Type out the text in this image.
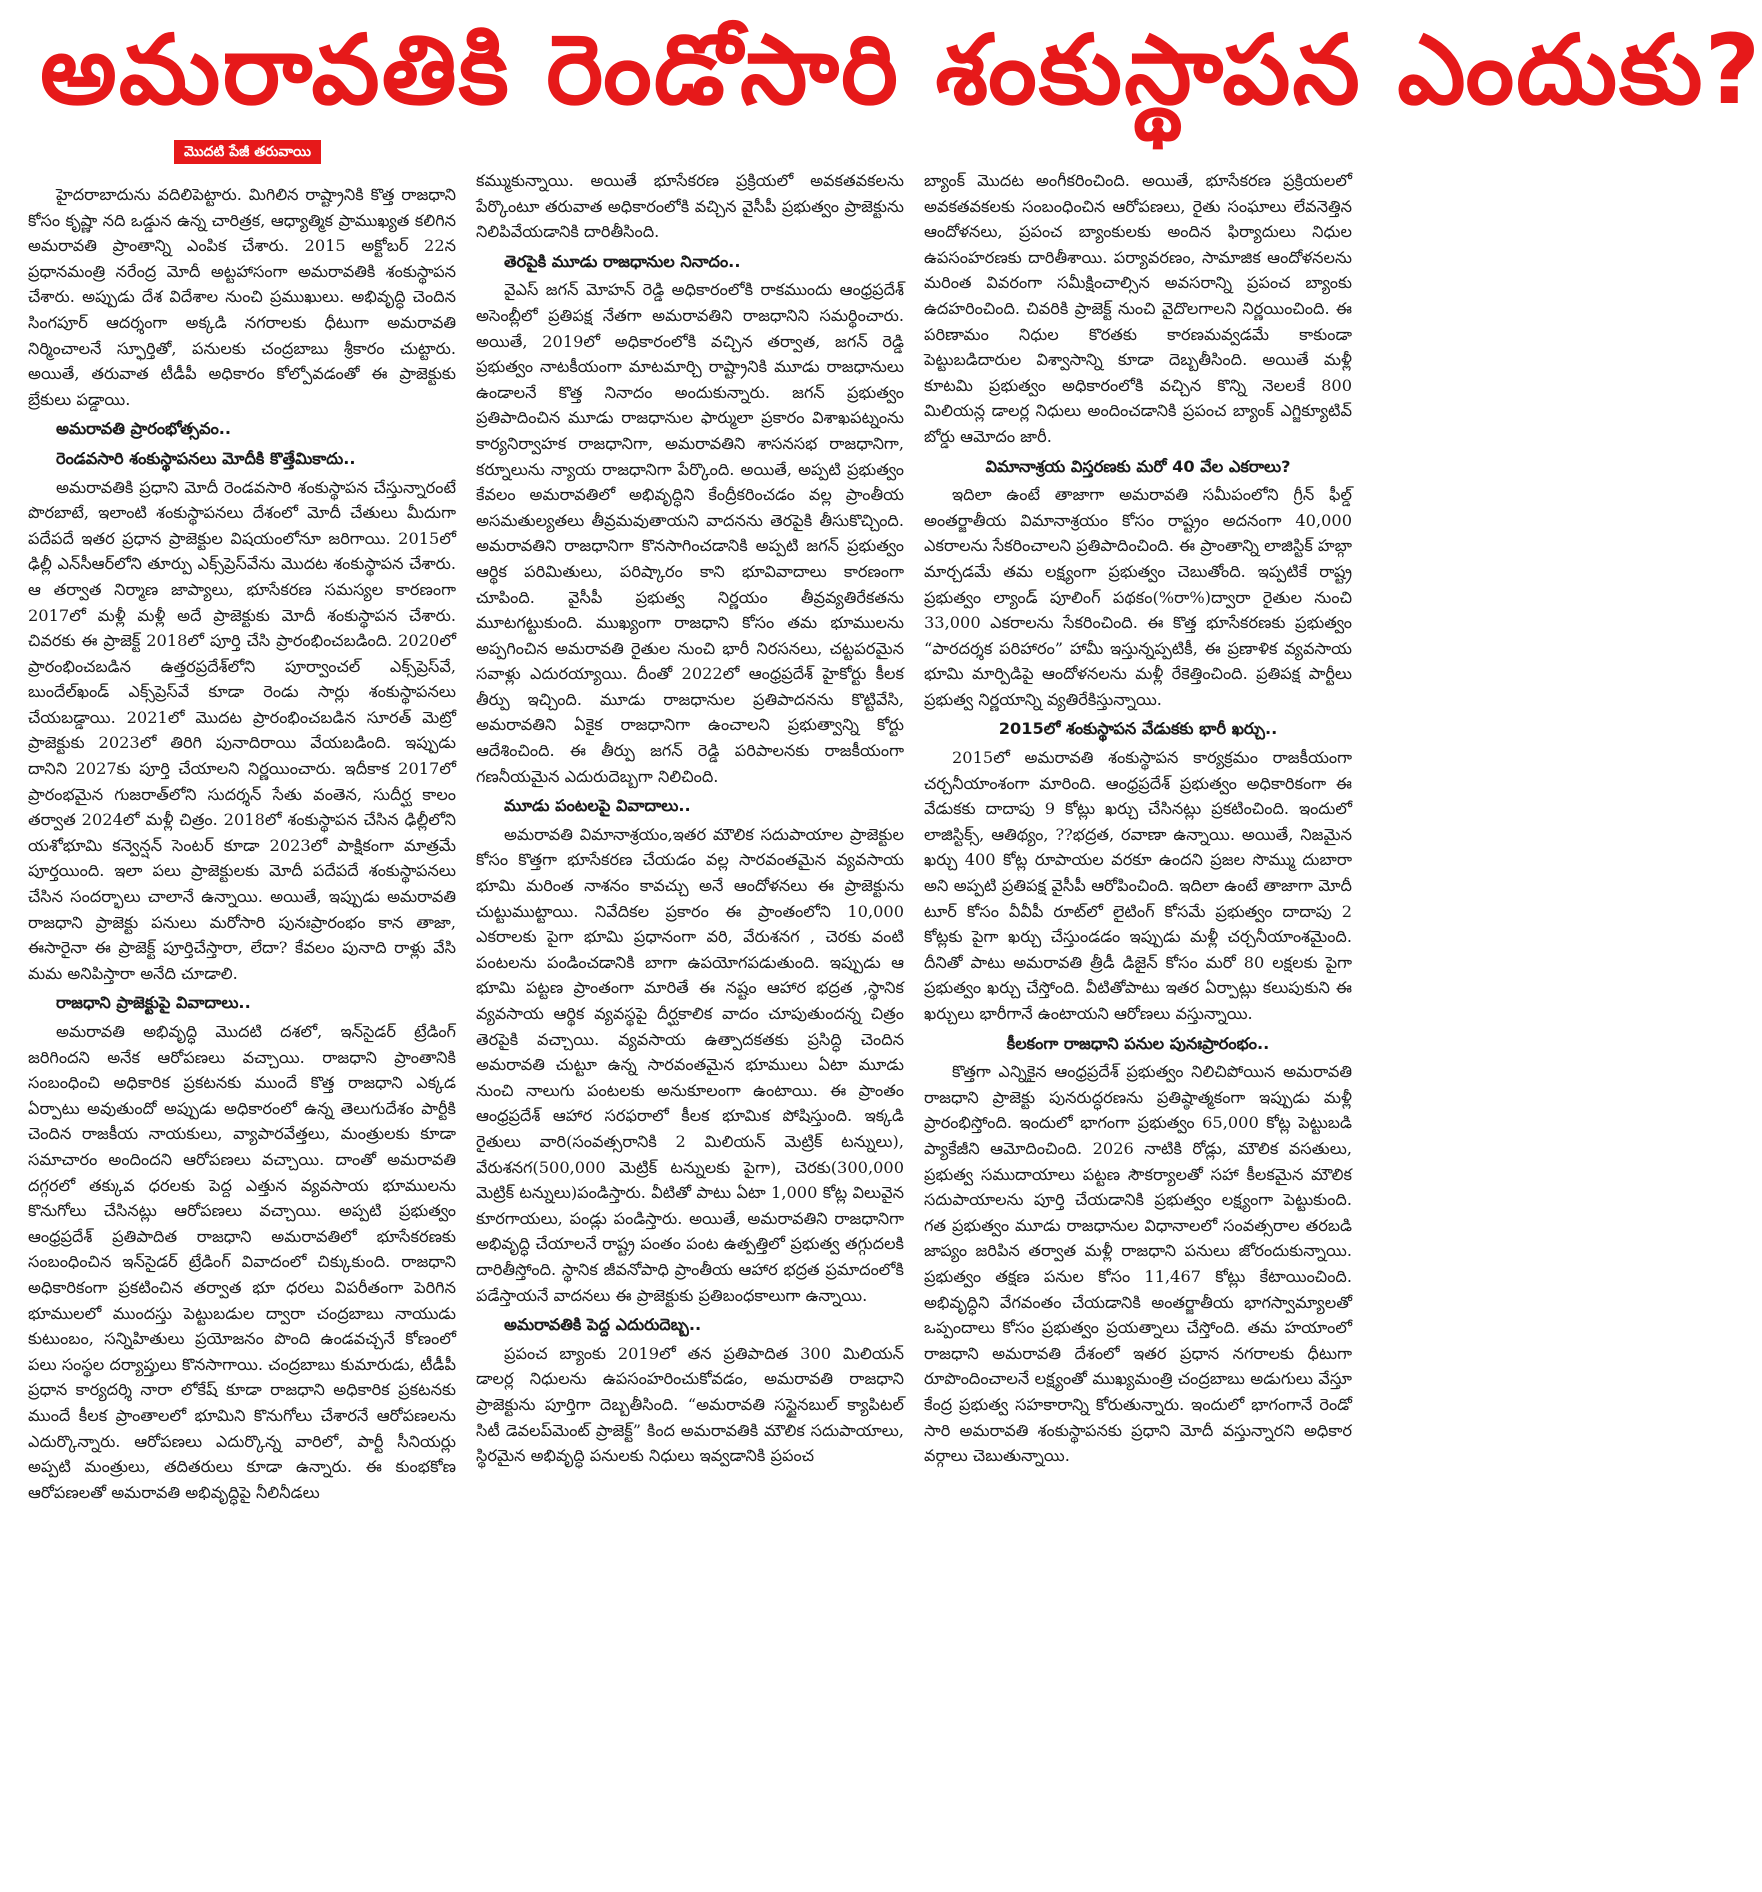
అమరావతికి రెండోసారి శంకుస్థాపన ఎందుకు?
మొదటి పేజీ తరువాయి

హైదరాబాదును వదిలిపెట్టారు. మిగిలిన రాష్ట్రానికి కొత్త రాజధాని కోసం కృష్ణా నది ఒడ్డున ఉన్న చారిత్రక, ఆధ్యాత్మిక ప్రాముఖ్యత కలిగిన అమరావతి ప్రాంతాన్ని ఎంపిక చేశారు. 2015 అక్టోబర్ 22న ప్రధానమంత్రి నరేంద్ర మోదీ అట్టహాసంగా అమరావతికి శంకుస్థాపన చేశారు. అప్పుడు దేశ విదేశాల నుంచి ప్రముఖులు. అభివృద్ధి చెందిన సింగపూర్ ఆదర్శంగా అక్కడి నగరాలకు ధీటుగా అమరావతి నిర్మించాలనే స్ఫూర్తితో, పనులకు చంద్రబాబు శ్రీకారం చుట్టారు. అయితే, తరువాత టీడీపీ అధికారం కోల్పోవడంతో ఈ ప్రాజెక్టుకు బ్రేకులు పడ్డాయి.

అమరావతి ప్రారంభోత్సవం..
రెండవసారి శంకుస్థాపనలు మోదీకి కొత్తేమికాదు..

అమరావతికి ప్రధాని మోదీ రెండవసారి శంకుస్థాపన చేస్తున్నారంటే పొరబాటే, ఇలాంటి శంకుస్థాపనలు దేశంలో మోదీ చేతులు మీదుగా పదేపదే ఇతర ప్రధాన ప్రాజెక్టుల విషయంలోనూ జరిగాయి. 2015లో ఢిల్లీ ఎన్‌సీఆర్‌లోని తూర్పు ఎక్స్‌ప్రెస్‌వేను మొదట శంకుస్థాపన చేశారు. ఆ తర్వాత నిర్మాణ జాప్యాలు, భూసేకరణ సమస్యల కారణంగా 2017లో మళ్లీ మళ్లీ అదే ప్రాజెక్టుకు మోదీ శంకుస్థాపన చేశారు. చివరకు ఈ ప్రాజెక్ట్ 2018లో పూర్తి చేసి ప్రారంభించబడింది. 2020లో ప్రారంభించబడిన ఉత్తరప్రదేశ్‌లోని పూర్వాంచల్ ఎక్స్‌ప్రెస్‌వే, బుందేల్‌ఖండ్ ఎక్స్‌ప్రెస్‌వే కూడా రెండు సార్లు శంకుస్థాపనలు చేయబడ్డాయి. 2021లో మొదట ప్రారంభించబడిన సూరత్ మెట్రో ప్రాజెక్టుకు 2023లో తిరిగి పునాదిరాయి వేయబడింది. ఇప్పుడు దానిని 2027కు పూర్తి చేయాలని నిర్ణయించారు. ఇదీకాక 2017లో ప్రారంభమైన గుజరాత్‌లోని సుదర్శన్ సేతు వంతెన, సుదీర్ఘ కాలం తర్వాత 2024లో మళ్లీ చిత్రం. 2018లో శంకుస్థాపన చేసిన ఢిల్లీలోని యశోభూమి కన్వెన్షన్ సెంటర్ కూడా 2023లో పాక్షికంగా మాత్రమే పూర్తయింది. ఇలా పలు ప్రాజెక్టులకు మోదీ పదేపదే శంకుస్థాపనలు చేసిన సందర్భాలు చాలానే ఉన్నాయి. అయితే, ఇప్పుడు అమరావతి రాజధాని ప్రాజెక్టు పనులు మరోసారి పునఃప్రారంభం కాన తాజా, ఈసారైనా ఈ ప్రాజెక్ట్ పూర్తిచేస్తారా, లేదా? కేవలం పునాది రాళ్లు వేసి మమ అనిపిస్తారా అనేది చూడాలి.

రాజధాని ప్రాజెక్టుపై వివాదాలు..

అమరావతి అభివృద్ధి మొదటి దశలో, ఇన్‌సైడర్ ట్రేడింగ్ జరిగిందని అనేక ఆరోపణలు వచ్చాయి. రాజధాని ప్రాంతానికి సంబంధించి అధికారిక ప్రకటనకు ముందే కొత్త రాజధాని ఎక్కడ ఏర్పాటు అవుతుందో అప్పుడు అధికారంలో ఉన్న తెలుగుదేశం పార్టీకి చెందిన రాజకీయ నాయకులు, వ్యాపారవేత్తలు, మంత్రులకు కూడా సమాచారం అందిందని ఆరోపణలు వచ్చాయి. దాంతో అమరావతి దగ్గరలో తక్కువ ధరలకు పెద్ద ఎత్తున వ్యవసాయ భూములను కొనుగోలు చేసినట్లు ఆరోపణలు వచ్చాయి. అప్పటి ప్రభుత్వం ఆంధ్రప్రదేశ్ ప్రతిపాదిత రాజధాని అమరావతిలో భూసేకరణకు సంబంధించిన ఇన్‌సైడర్ ట్రేడింగ్ వివాదంలో చిక్కుకుంది. రాజధాని అధికారికంగా ప్రకటించిన తర్వాత భూ ధరలు విపరీతంగా పెరిగిన భూములలో ముందస్తు పెట్టుబడుల ద్వారా చంద్రబాబు నాయుడు కుటుంబం, సన్నిహితులు ప్రయోజనం పొంది ఉండవచ్చనే కోణంలో పలు సంస్థల దర్యాప్తులు కొనసాగాయి. చంద్రబాబు కుమారుడు, టీడీపీ ప్రధాన కార్యదర్శి నారా లోకేష్ కూడా రాజధాని అధికారిక ప్రకటనకు ముందే కీలక ప్రాంతాలలో భూమిని కొనుగోలు చేశారనే ఆరోపణలను ఎదుర్కొన్నారు. ఆరోపణలు ఎదుర్కొన్న వారిలో, పార్టీ సీనియర్లు అప్పటి మంత్రులు, తదితరులు కూడా ఉన్నారు. ఈ కుంభకోణ ఆరోపణలతో అమరావతి అభివృద్ధిపై నీలినీడలు

కమ్ముకున్నాయి. అయితే భూసేకరణ ప్రక్రియలో అవకతవకలను పేర్కొంటూ తరువాత అధికారంలోకి వచ్చిన వైసీపీ ప్రభుత్వం ప్రాజెక్టును నిలిపివేయడానికి దారితీసింది.

తెరపైకి మూడు రాజధానుల నినాదం..

వైఎస్ జగన్ మోహన్ రెడ్డి అధికారంలోకి రాకముందు ఆంధ్రప్రదేశ్ అసెంబ్లీలో ప్రతిపక్ష నేతగా అమరావతిని రాజధానిని సమర్థించారు. అయితే, 2019లో అధికారంలోకి వచ్చిన తర్వాత, జగన్ రెడ్డి ప్రభుత్వం నాటకీయంగా మాటమార్చి రాష్ట్రానికి మూడు రాజధానులు ఉండాలనే కొత్త నినాదం అందుకున్నారు. జగన్ ప్రభుత్వం ప్రతిపాదించిన మూడు రాజధానుల ఫార్ములా ప్రకారం విశాఖపట్నంను కార్యనిర్వాహక రాజధానిగా, అమరావతిని శాసనసభ రాజధానిగా, కర్నూలును న్యాయ రాజధానిగా పేర్కొంది. అయితే, అప్పటి ప్రభుత్వం కేవలం అమరావతిలో అభివృద్ధిని కేంద్రీకరించడం వల్ల ప్రాంతీయ అసమతుల్యతలు తీవ్రమవుతాయని వాదనను తెరపైకి తీసుకొచ్చింది. అమరావతిని రాజధానిగా కొనసాగించడానికి అప్పటి జగన్ ప్రభుత్వం ఆర్థిక పరిమితులు, పరిష్కారం కాని భూవివాదాలు కారణంగా చూపింది. వైసీపీ ప్రభుత్వ నిర్ణయం తీవ్రవ్యతిరేకతను మూటగట్టుకుంది. ముఖ్యంగా రాజధాని కోసం తమ భూములను అప్పగించిన అమరావతి రైతుల నుంచి భారీ నిరసనలు, చట్టపరమైన సవాళ్లు ఎదురయ్యాయి. దీంతో 2022లో ఆంధ్రప్రదేశ్ హైకోర్టు కీలక తీర్పు ఇచ్చింది. మూడు రాజధానుల ప్రతిపాదనను కొట్టివేసి, అమరావతిని ఏకైక రాజధానిగా ఉంచాలని ప్రభుత్వాన్ని కోర్టు ఆదేశించింది. ఈ తీర్పు జగన్ రెడ్డి పరిపాలనకు రాజకీయంగా గణనీయమైన ఎదురుదెబ్బగా నిలిచింది.

మూడు పంటలపై వివాదాలు..

అమరావతి విమానాశ్రయం,ఇతర మౌలిక సదుపాయాల ప్రాజెక్టుల కోసం కొత్తగా భూసేకరణ చేయడం వల్ల సారవంతమైన వ్యవసాయ భూమి మరింత నాశనం కావచ్చు అనే ఆందోళనలు ఈ ప్రాజెక్టును చుట్టుముట్టాయి. నివేదికల ప్రకారం ఈ ప్రాంతంలోని 10,000 ఎకరాలకు పైగా భూమి ప్రధానంగా వరి, వేరుశనగ , చెరకు వంటి పంటలను పండించడానికి బాగా ఉపయోగపడుతుంది. ఇప్పుడు ఆ భూమి పట్టణ ప్రాంతంగా మారితే ఈ నష్టం ఆహార భద్రత ,స్థానిక వ్యవసాయ ఆర్థిక వ్యవస్థపై దీర్ఘకాలిక వాదం చూపుతుందన్న చిత్రం తెరపైకి వచ్చాయి. వ్యవసాయ ఉత్పాదకతకు ప్రసిద్ధి చెందిన అమరావతి చుట్టూ ఉన్న సారవంతమైన భూములు ఏటా మూడు నుంచి నాలుగు పంటలకు అనుకూలంగా ఉంటాయి. ఈ ప్రాంతం ఆంధ్రప్రదేశ్ ఆహార సరఫరాలో కీలక భూమిక పోషిస్తుంది. ఇక్కడి రైతులు వారి(సంవత్సరానికి 2 మిలియన్ మెట్రిక్ టన్నులు), వేరుశనగ(500,000 మెట్రిక్ టన్నులకు పైగా), చెరకు(300,000 మెట్రిక్ టన్నులు)పండిస్తారు. వీటితో పాటు ఏటా 1,000 కోట్ల విలువైన కూరగాయలు, పండ్లు పండిస్తారు. అయితే, అమరావతిని రాజధానిగా అభివృద్ధి చేయాలనే రాష్ట్ర పంతం పంట ఉత్పత్తిలో ప్రభుత్వ తగ్గుదలకి దారితీస్తోంది. స్థానిక జీవనోపాధి ప్రాంతీయ ఆహార భద్రత ప్రమాదంలోకి పడేస్తాయనే వాదనలు ఈ ప్రాజెక్టుకు ప్రతిబంధకాలుగా ఉన్నాయి.

అమరావతికి పెద్ద ఎదురుదెబ్బ..

ప్రపంచ బ్యాంకు 2019లో తన ప్రతిపాదిత 300 మిలియన్ డాలర్ల నిధులను ఉపసంహరించుకోవడం, అమరావతి రాజధాని ప్రాజెక్టును పూర్తిగా దెబ్బతీసింది. “అమరావతి సస్టైనబుల్ క్యాపిటల్ సిటీ డెవలప్‌మెంట్ ప్రాజెక్ట్” కింద అమరావతికి మౌలిక సదుపాయాలు, స్థిరమైన అభివృద్ధి పనులకు నిధులు ఇవ్వడానికి ప్రపంచ

బ్యాంక్ మొదట అంగీకరించింది. అయితే, భూసేకరణ ప్రక్రియలలో అవకతవకలకు సంబంధించిన ఆరోపణలు, రైతు సంఘాలు లేవనెత్తిన ఆందోళనలు, ప్రపంచ బ్యాంకులకు అందిన ఫిర్యాదులు నిధుల ఉపసంహరణకు దారితీశాయి. పర్యావరణం, సామాజిక ఆందోళనలను మరింత వివరంగా సమీక్షించాల్సిన అవసరాన్ని ప్రపంచ బ్యాంకు ఉదహరించింది. చివరికి ప్రాజెక్ట్ నుంచి వైదొలగాలని నిర్ణయించింది. ఈ పరిణామం నిధుల కొరతకు కారణమవ్వడమే కాకుండా పెట్టుబడిదారుల విశ్వాసాన్ని కూడా దెబ్బతీసింది. అయితే మళ్లీ కూటమి ప్రభుత్వం అధికారంలోకి వచ్చిన కొన్ని నెలలకే 800 మిలియన్ల డాలర్ల నిధులు అందించడానికి ప్రపంచ బ్యాంక్ ఎగ్జిక్యూటివ్ బోర్డు ఆమోదం జారీ.

విమానాశ్రయ విస్తరణకు మరో 40 వేల ఎకరాలు?

ఇదిలా ఉంటే తాజాగా అమరావతి సమీపంలోని గ్రీన్ ఫీల్డ్ అంతర్జాతీయ విమానాశ్రయం కోసం రాష్ట్రం అదనంగా 40,000 ఎకరాలను సేకరించాలని ప్రతిపాదించింది. ఈ ప్రాంతాన్ని లాజిస్టిక్ హబ్గా మార్చడమే తమ లక్ష్యంగా ప్రభుత్వం చెబుతోంది. ఇప్పటికే రాష్ట్ర ప్రభుత్వం ల్యాండ్ పూలింగ్ పథకం(%రా%)ద్వారా రైతుల నుంచి 33,000 ఎకరాలను సేకరించింది. ఈ కొత్త భూసేకరణకు ప్రభుత్వం “పారదర్శక పరిహారం” హామీ ఇస్తున్నప్పటికీ, ఈ ప్రణాళిక వ్యవసాయ భూమి మార్పిడిపై ఆందోళనలను మళ్లీ రేకెత్తించింది. ప్రతిపక్ష పార్టీలు ప్రభుత్వ నిర్ణయాన్ని వ్యతిరేకిస్తున్నాయి.

2015లో శంకుస్థాపన వేడుకకు భారీ ఖర్చు..

2015లో అమరావతి శంకుస్థాపన కార్యక్రమం రాజకీయంగా చర్చనీయాంశంగా మారింది. ఆంధ్రప్రదేశ్ ప్రభుత్వం అధికారికంగా ఈ వేడుకకు దాదాపు 9 కోట్లు ఖర్చు చేసినట్లు ప్రకటించింది. ఇందులో లాజిస్టిక్స్, ఆతిథ్యం, ??భద్రత, రవాణా ఉన్నాయి. అయితే, నిజమైన ఖర్చు 400 కోట్ల రూపాయల వరకూ ఉందని ప్రజల సొమ్ము దుబారా అని అప్పటి ప్రతిపక్ష వైసీపీ ఆరోపించింది. ఇదిలా ఉంటే తాజాగా మోదీ టూర్ కోసం వీవీపీ రూట్‌లో లైటింగ్ కోసమే ప్రభుత్వం దాదాపు 2 కోట్లకు పైగా ఖర్చు చేస్తుండడం ఇప్పుడు మళ్లీ చర్చనీయాంశమైంది. దీనితో పాటు అమరావతి త్రీడీ డిజైన్ కోసం మరో 80 లక్షలకు పైగా ప్రభుత్వం ఖర్చు చేస్తోంది. వీటితోపాటు ఇతర ఏర్పాట్లు కలుపుకుని ఈ ఖర్చులు భారీగానే ఉంటాయని ఆరోణలు వస్తున్నాయి.

కీలకంగా రాజధాని పనుల పునఃప్రారంభం..

కొత్తగా ఎన్నికైన ఆంధ్రప్రదేశ్ ప్రభుత్వం నిలిచిపోయిన అమరావతి రాజధాని ప్రాజెక్టు పునరుద్ధరణను ప్రతిష్ఠాత్మకంగా ఇప్పుడు మళ్లీ ప్రారంభిస్తోంది. ఇందులో భాగంగా ప్రభుత్వం 65,000 కోట్ల పెట్టుబడి ప్యాకేజీని ఆమోదించింది. 2026 నాటికి రోడ్లు, మౌలిక వసతులు, ప్రభుత్వ సముదాయాలు పట్టణ సౌకర్యాలతో సహా కీలకమైన మౌలిక సదుపాయాలను పూర్తి చేయడానికి ప్రభుత్వం లక్ష్యంగా పెట్టుకుంది. గత ప్రభుత్వం మూడు రాజధానుల విధానాలలో సంవత్సరాల తరబడి జాప్యం జరిపిన తర్వాత మళ్లీ రాజధాని పనులు జోరందుకున్నాయి. ప్రభుత్వం తక్షణ పనుల కోసం 11,467 కోట్లు కేటాయించింది. అభివృద్ధిని వేగవంతం చేయడానికి అంతర్జాతీయ భాగస్వామ్యాలతో ఒప్పందాలు కోసం ప్రభుత్వం ప్రయత్నాలు చేస్తోంది. తమ హయాంలో రాజధాని అమరావతి దేశంలో ఇతర ప్రధాన నగరాలకు ధీటుగా రూపొందించాలనే లక్ష్యంతో ముఖ్యమంత్రి చంద్రబాబు అడుగులు వేస్తూ కేంద్ర ప్రభుత్వ సహకారాన్ని కోరుతున్నారు. ఇందులో భాగంగానే రెండో సారి అమరావతి శంకుస్థాపనకు ప్రధాని మోదీ వస్తున్నారని అధికార వర్గాలు చెబుతున్నాయి.
